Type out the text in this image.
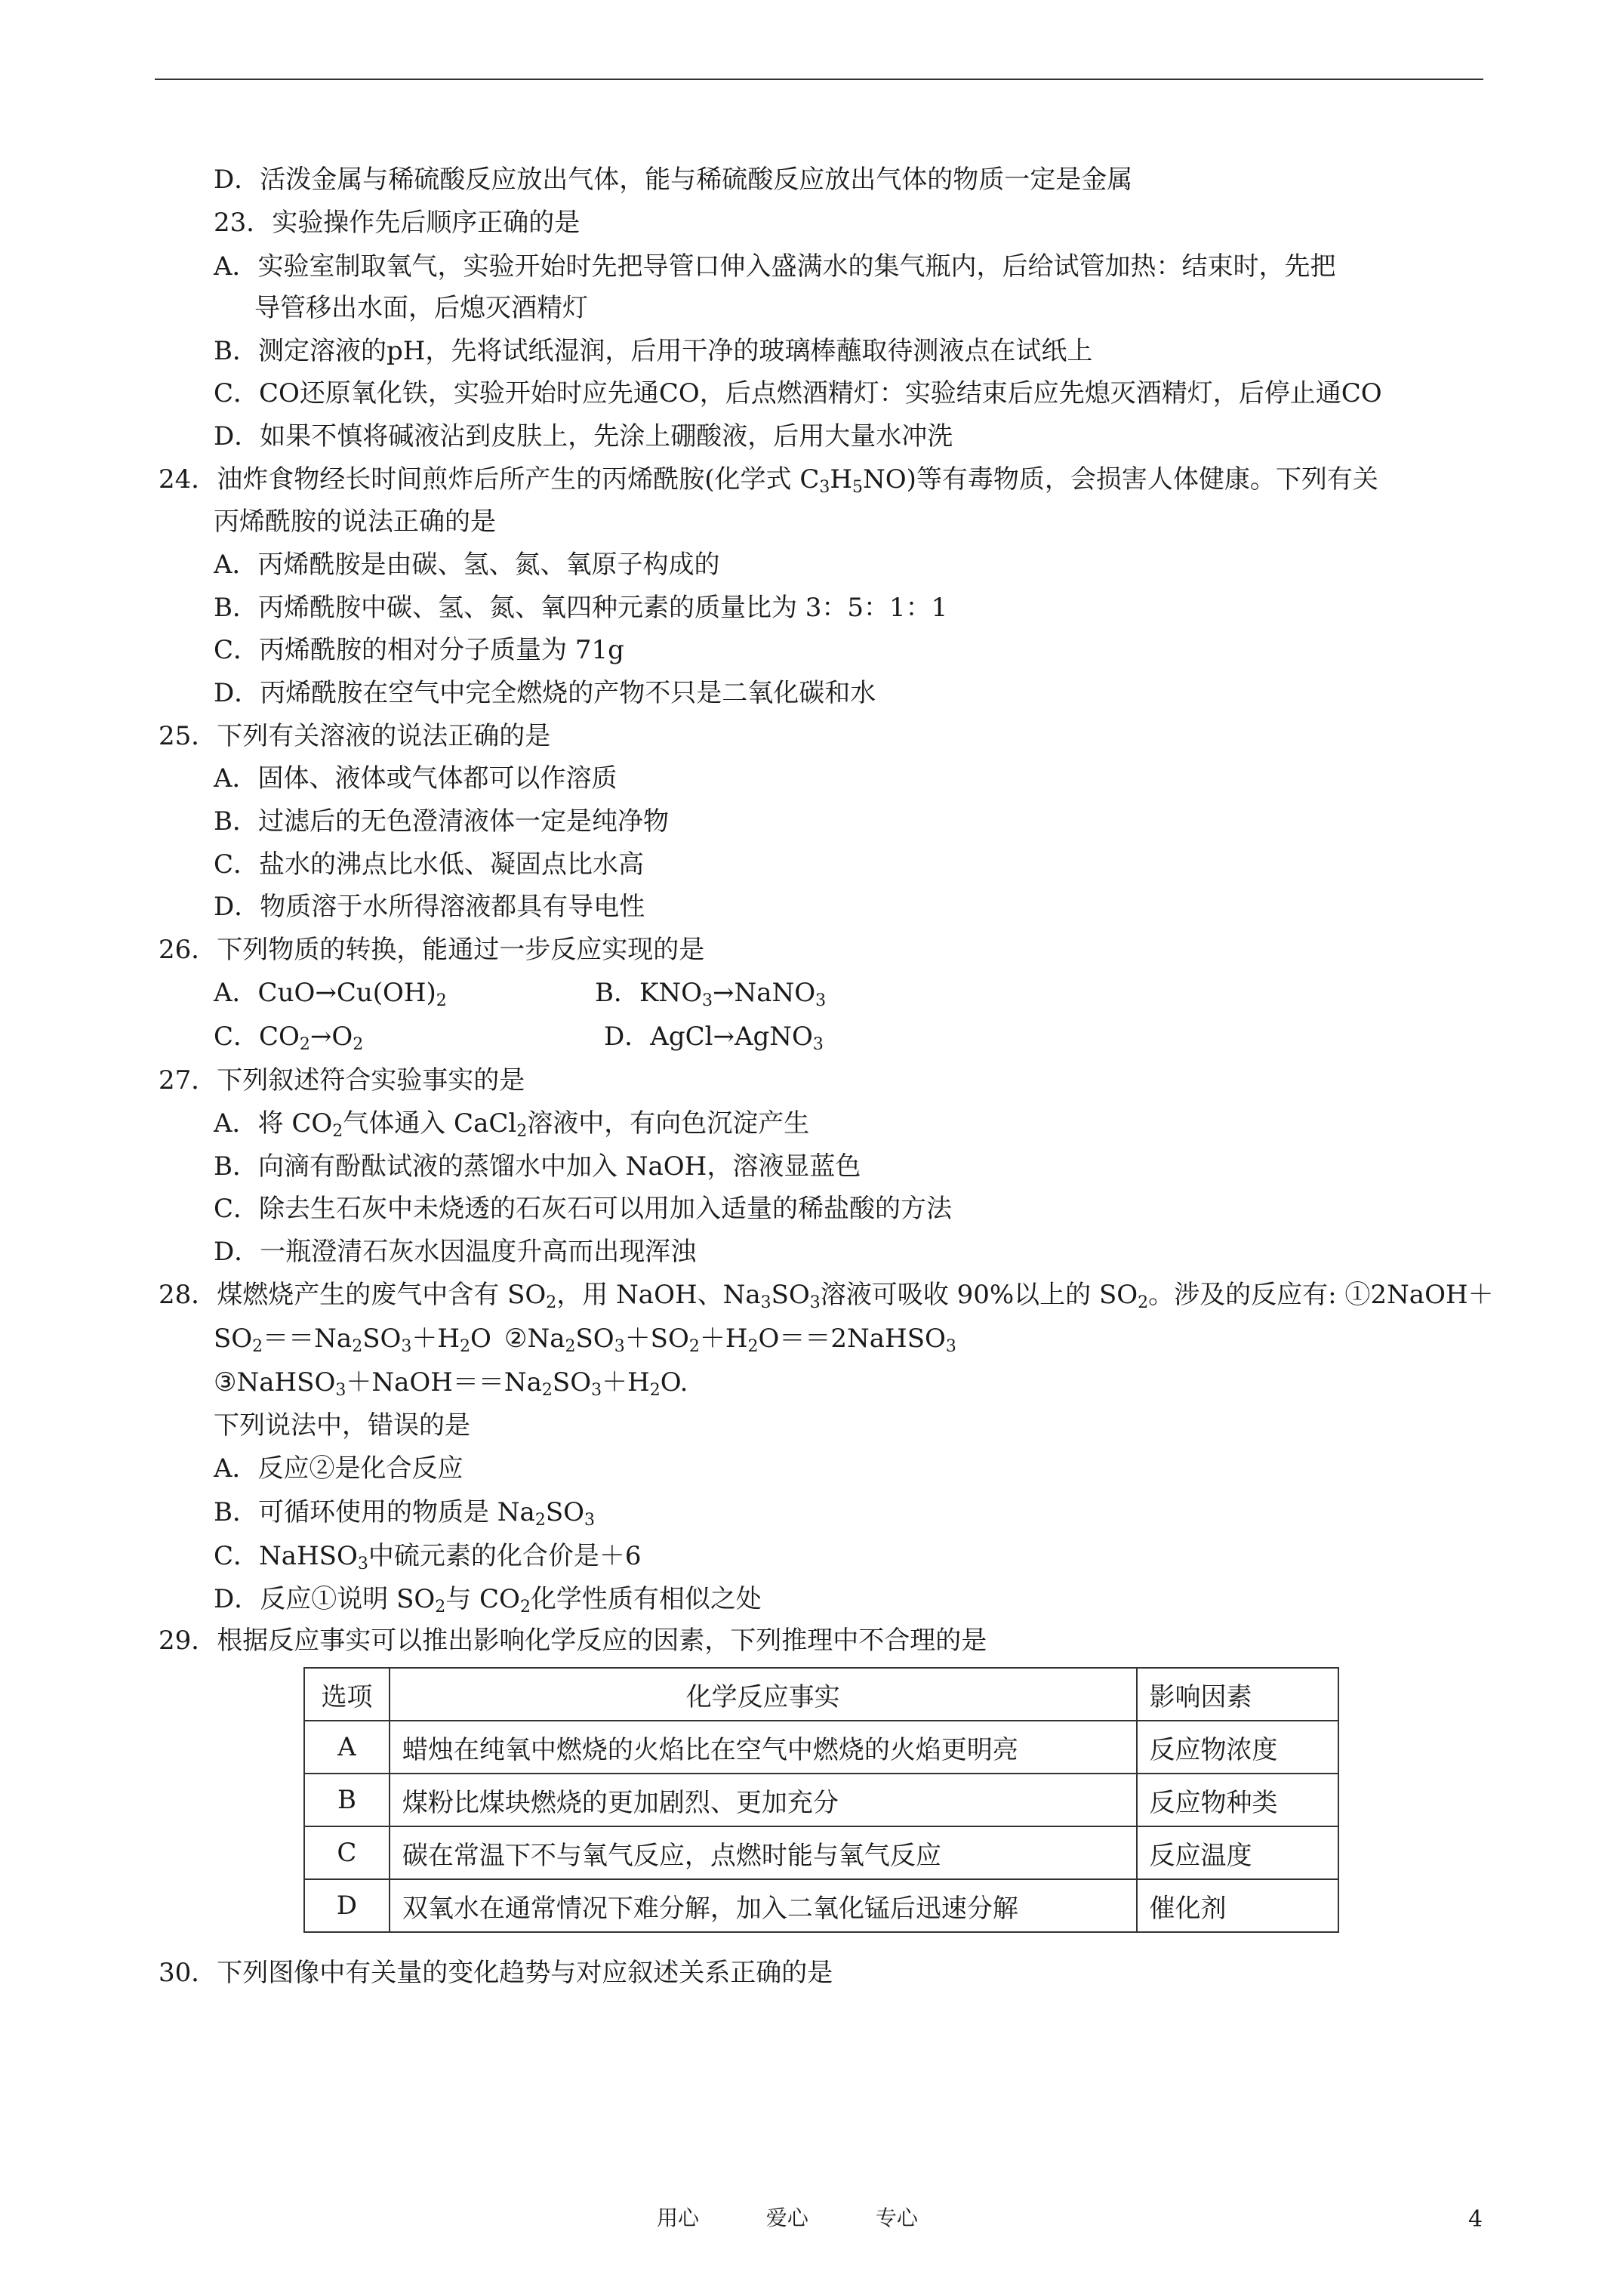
D．活泼金属与稀硫酸反应放出气体，能与稀硫酸反应放出气体的物质一定是金属
23．实验操作先后顺序正确的是
A．实验室制取氧气，实验开始时先把导管口伸入盛满水的集气瓶内，后给试管加热：结束时，先把
导管移出水面，后熄灭酒精灯
B．测定溶液的pH，先将试纸湿润，后用干净的玻璃棒蘸取待测液点在试纸上
C．CO还原氧化铁，实验开始时应先通CO，后点燃酒精灯：实验结束后应先熄灭酒精灯，后停止通CO
D．如果不慎将碱液沾到皮肤上，先涂上硼酸液，后用大量水冲洗
24．油炸食物经长时间煎炸后所产生的丙烯酰胺(化学式 $C_3H_5NO$)等有毒物质，会损害人体健康。下列有关
丙烯酰胺的说法正确的是
A．丙烯酰胺是由碳、氢、氮、氧原子构成的
B．丙烯酰胺中碳、氢、氮、氧四种元素的质量比为 3：5：1：1
C．丙烯酰胺的相对分子质量为 71g
D．丙烯酰胺在空气中完全燃烧的产物不只是二氧化碳和水
25．下列有关溶液的说法正确的是
A．固体、液体或气体都可以作溶质
B．过滤后的无色澄清液体一定是纯净物
C．盐水的沸点比水低、凝固点比水高
D．物质溶于水所得溶液都具有导电性
26．下列物质的转换，能通过一步反应实现的是
A．$CuO\to Cu(OH)_2$	B．$KNO_3\to NaNO_3$
C．$CO_2\to O_2$	D．AgCl→AgNO$_3$
27．下列叙述符合实验事实的是
A．将 $CO_2$气体通入 CaCl$_2$溶液中，有向色沉淀产生
B．向滴有酚酞试液的蒸馏水中加入 NaOH，溶液显蓝色
C．除去生石灰中未烧透的石灰石可以用加入适量的稀盐酸的方法
D．一瓶澄清石灰水因温度升高而出现浑浊
28．煤燃烧产生的废气中含有 $SO_2$，用 NaOH、$Na_3SO_3$溶液可吸收 90%以上的 $SO_2$。涉及的反应有: ①2NaOH＋
$SO_2==Na_2SO_3+H_2O$ $②Na_2SO_3+SO_2+H_2O==2NaHSO_3$
$③NaHSO_3+NaOH==Na_2SO_3+H_2O$.
下列说法中，错误的是
A．反应②是化合反应
B．可循环使用的物质是 $Na_2SO_3$
C．NaHSO$_3$中硫元素的化合价是＋6
D．反应①说明 $SO_2$与 $CO_2$化学性质有相似之处
29．根据反应事实可以推出影响化学反应的因素，下列推理中不合理的是
选项	化学反应事实	影响因素
A	蜡烛在纯氧中燃烧的火焰比在空气中燃烧的火焰更明亮	反应物浓度
B	煤粉比煤块燃烧的更加剧烈、更加充分	反应物种类
C	碳在常温下不与氧气反应，点燃时能与氧气反应	反应温度
D	双氧水在通常情况下难分解，加入二氧化锰后迅速分解	催化剂
30．下列图像中有关量的变化趋势与对应叙述关系正确的是
用心	爱心	专心	4
